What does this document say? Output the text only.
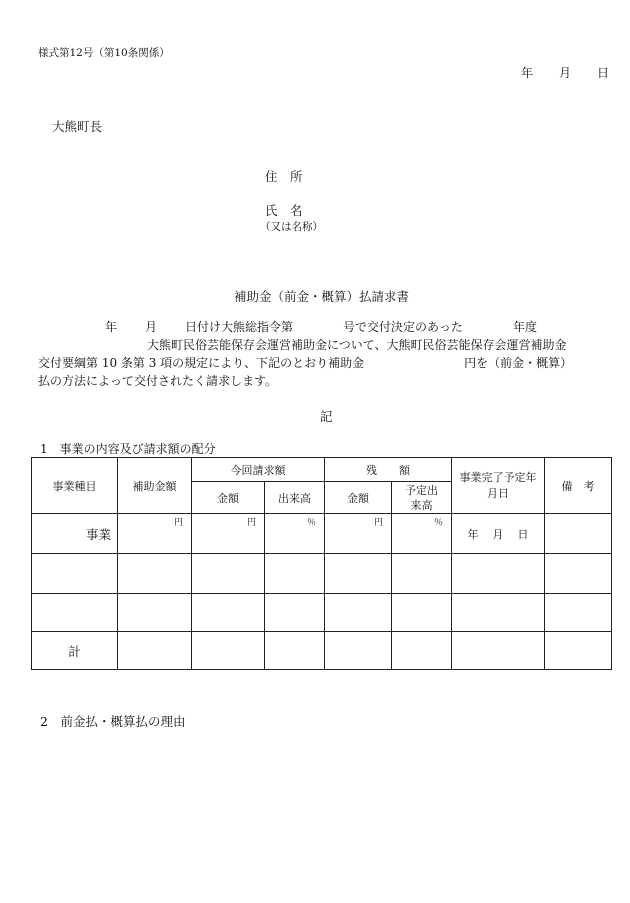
様式第12号（第10条関係）
年 月 日
大熊町長
住　所
氏　名
（又は名称）
補助金（前金・概算）払請求書
年 月 日付け大熊総指令第	号で交付決定のあった	年度
大熊町民俗芸能保存会運営補助金について、大熊町民俗芸能保存会運営補助金
交付要綱第 10 条第 3 項の規定により、下記のとおり補助金	円を（前金・概算）
払の方法によって交付されたく請求します。
記
1　事業の内容及び請求額の配分
事業種目	補助金額	今回請求額		残　　額		事業完了予定年月日	備　考
		金額	出来高	金額	予定出来高		
事業	円	円	％	円	％	年 月 日	

計							
2　前金払・概算払の理由
